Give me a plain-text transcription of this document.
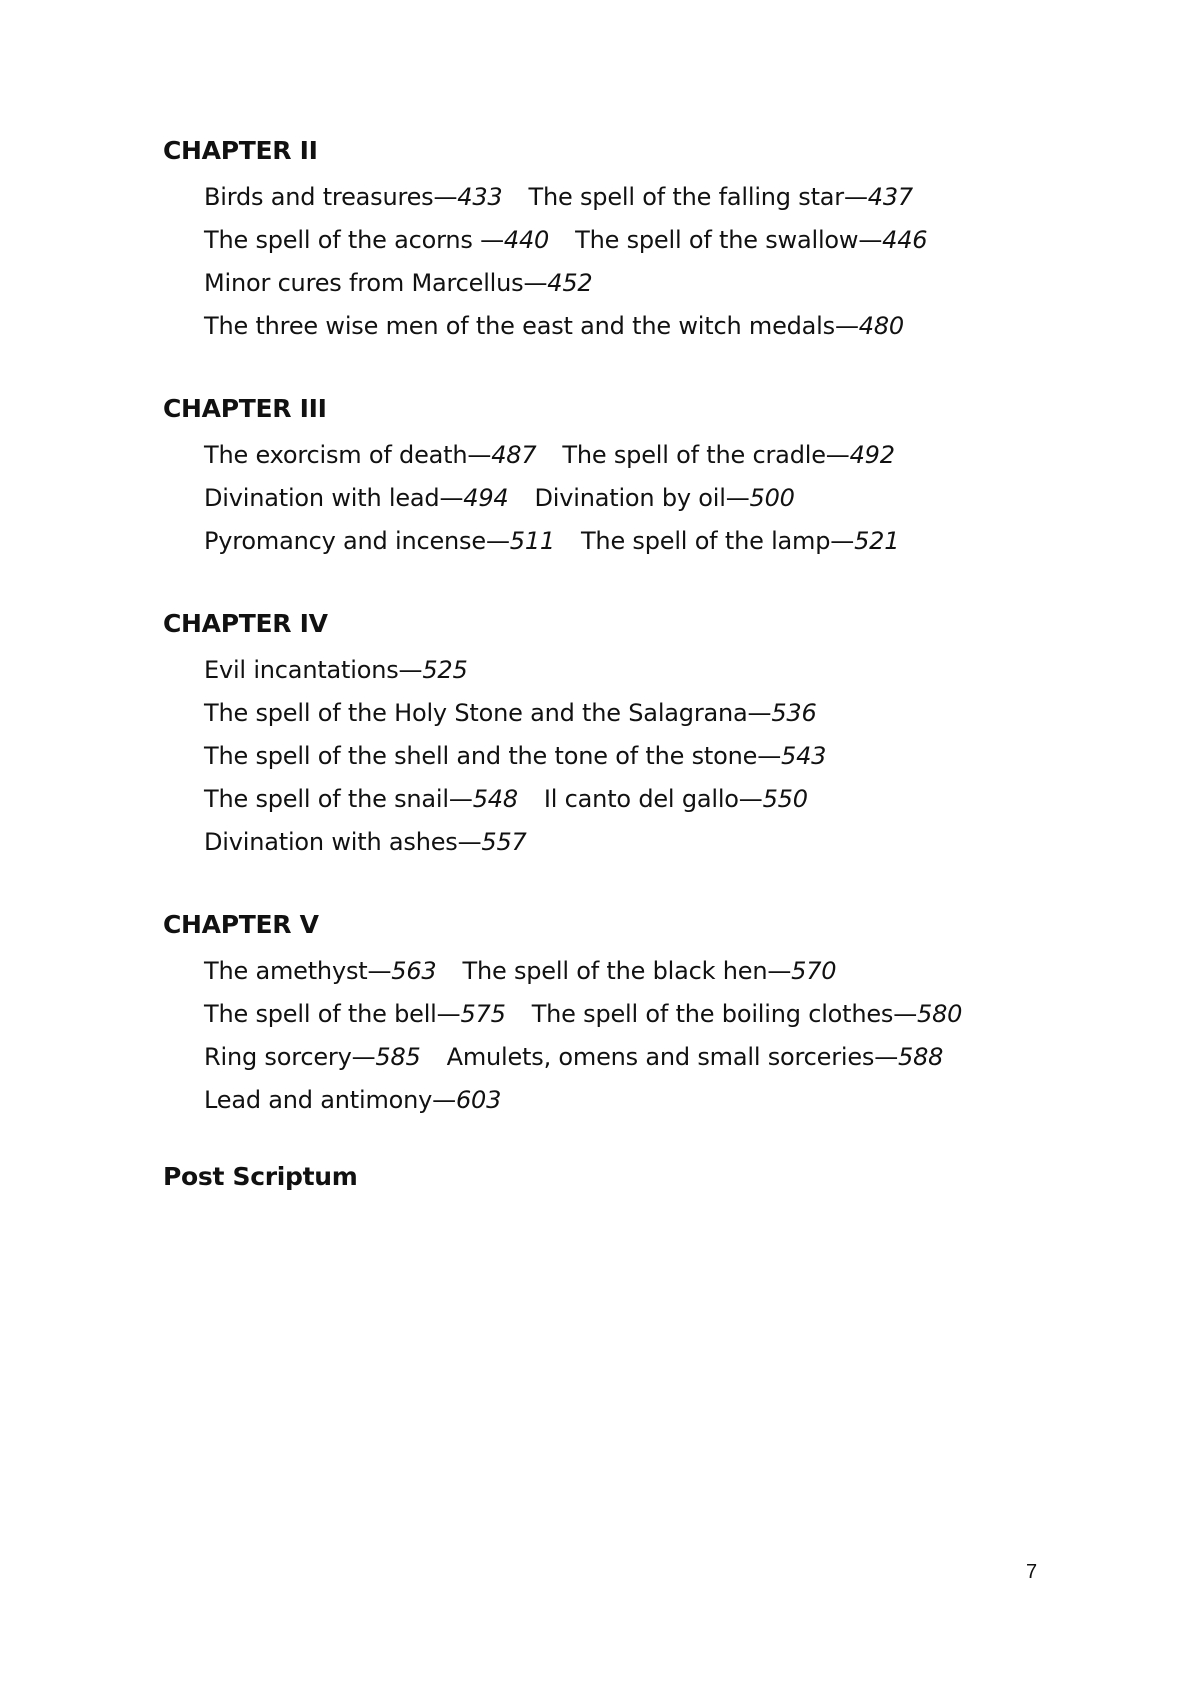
CHAPTER II
Birds and treasures—433 The spell of the falling star—437
The spell of the acorns —440 The spell of the swallow—446
Minor cures from Marcellus—452
The three wise men of the east and the witch medals—480
CHAPTER III
The exorcism of death—487 The spell of the cradle—492
Divination with lead—494 Divination by oil—500
Pyromancy and incense—511 The spell of the lamp—521
CHAPTER IV
Evil incantations—525
The spell of the Holy Stone and the Salagrana—536
The spell of the shell and the tone of the stone—543
The spell of the snail—548 Il canto del gallo—550
Divination with ashes—557
CHAPTER V
The amethyst—563 The spell of the black hen—570
The spell of the bell—575 The spell of the boiling clothes—580
Ring sorcery—585 Amulets, omens and small sorceries—588
Lead and antimony—603
Post Scriptum
7
